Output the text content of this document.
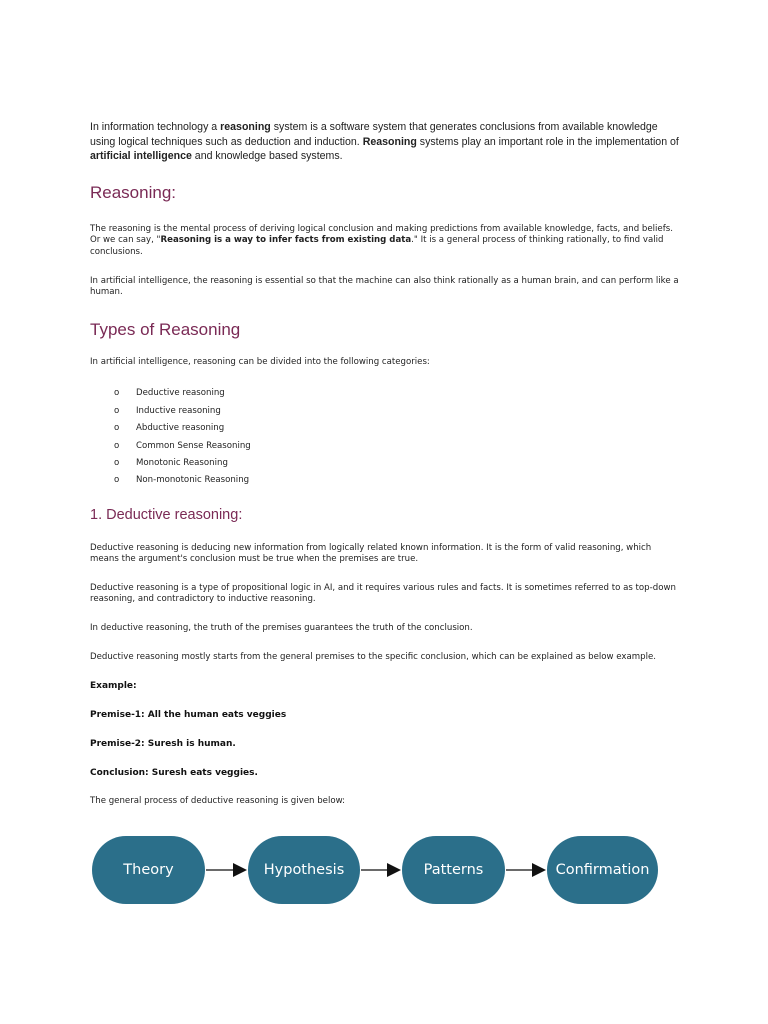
In information technology a reasoning system is a software system that generates conclusions from available knowledge using logical techniques such as deduction and induction. Reasoning systems play an important role in the implementation of artificial intelligence and knowledge based systems.

Reasoning:

The reasoning is the mental process of deriving logical conclusion and making predictions from available knowledge, facts, and beliefs. Or we can say, "Reasoning is a way to infer facts from existing data." It is a general process of thinking rationally, to find valid conclusions.

In artificial intelligence, the reasoning is essential so that the machine can also think rationally as a human brain, and can perform like a human.

Types of Reasoning

In artificial intelligence, reasoning can be divided into the following categories:

o	Deductive reasoning
o	Inductive reasoning
o	Abductive reasoning
o	Common Sense Reasoning
o	Monotonic Reasoning
o	Non-monotonic Reasoning
1. Deductive reasoning:

Deductive reasoning is deducing new information from logically related known information. It is the form of valid reasoning, which means the argument's conclusion must be true when the premises are true.

Deductive reasoning is a type of propositional logic in AI, and it requires various rules and facts. It is sometimes referred to as top-down reasoning, and contradictory to inductive reasoning.

In deductive reasoning, the truth of the premises guarantees the truth of the conclusion.

Deductive reasoning mostly starts from the general premises to the specific conclusion, which can be explained as below example.

Example:

Premise-1: All the human eats veggies

Premise-2: Suresh is human.

Conclusion: Suresh eats veggies.

The general process of deductive reasoning is given below:

Theory	Hypothesis	Patterns	Confirmation
